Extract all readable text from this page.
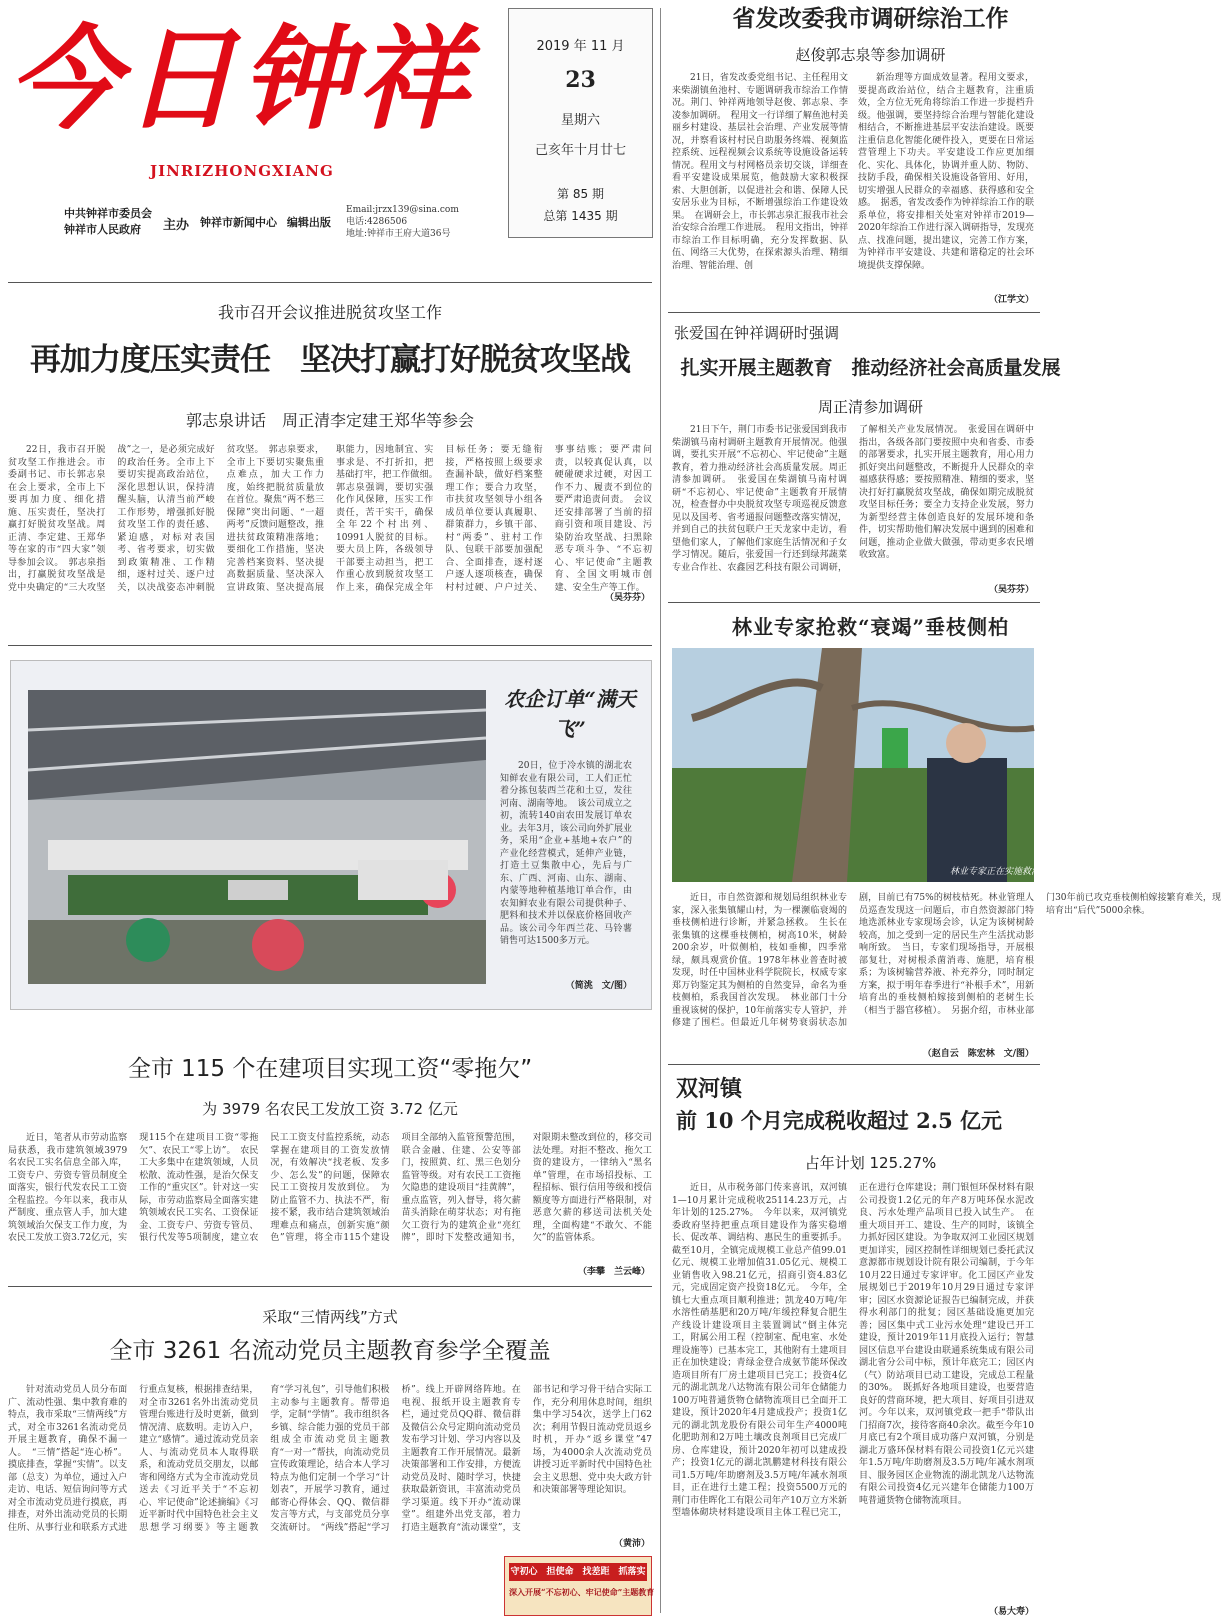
今日钟祥
JINRIZHONGXIANG
中共钟祥市委员会
钟祥市人民政府	主办 钟祥市新闻中心 编辑出版
Email:jrzx139@sina.com
电话:4286506
地址:钟祥市王府大道36号
2019 年 11 月
23
星期六
己亥年十月廿七
第 85 期
总第 1435 期
省发改委我市调研综治工作
赵俊郭志泉等参加调研
21日，省发改委党组书记、主任程用文来柴湖镇鱼池村、专题调研我市综治工作情况。荆门、钟祥两地领导赵俊、郭志泉、李凌参加调研。　程用文一行详细了解鱼池村美丽乡村建设、基层社会治理、产业发展等情况，并察看该村村民自助服务终端、视频监控系统、远程视频会议系统等设施设备运转情况。程用文与村网格员亲切交谈，详细查看平安建设成果展览，他鼓励大家积极探索、大胆创新，以促进社会和谐、保障人民安居乐业为目标，不断增强综治工作建设效果。　在调研会上，市长郭志泉汇报我市社会治安综合治理工作进展。　程用文指出，钟祥市综治工作目标明确，充分发挥数据、队伍、网络三大优势，在探索源头治理、精细治理、智能治理、创
新治理等方面成效显著。程用文要求，要提高政治站位，结合主题教育，注重质效，全方位无死角将综治工作进一步提档升级。他强调，要坚持综合治理与智能化建设相结合，不断推进基层平安法治建设。既要注重信息化智能化硬件投入，更要在日常运营管理上下功夫。平安建设工作应更加细化、实化、具体化，协调并重人防、物防、技防手段，确保相关设施设备管用、好用，切实增强人民群众的幸福感、获得感和安全感。　据悉，省发改委作为钟祥综治工作的联系单位，将安排相关处室对钟祥市2019—2020年综治工作进行深入调研指导，发现亮点、找准问题，提出建议，完善工作方案，为钟祥市平安建设、共建和谐稳定的社会环境提供支撑保障。
（江学文）
我市召开会议推进脱贫攻坚工作
再加力度压实责任　坚决打赢打好脱贫攻坚战
郭志泉讲话　周正清李定建王郑华等参会
22日，我市召开脱贫攻坚工作推进会。市委副书记、市长郭志泉在会上要求，全市上下要再加力度、细化措施、压实责任，坚决打赢打好脱贫攻坚战。周正清、李定建、王郑华等在家的市“四大家”领导参加会议。　郭志泉指出，打赢脱贫攻坚战是党中央确定的“三大攻坚战”之一，是必须完成好的政治任务。全市上下要切实提高政治站位，深化思想认识，保持清醒头脑，认清当前严峻工作形势，增强抓好脱贫攻坚工作的责任感、紧迫感，对标对表国考、省考要求，切实做到政策精准、工作精细，逐村过关、逐户过关，以决战姿态冲刺脱贫攻坚。　郭志泉要求，全市上下要切实聚焦重点难点，加大工作力度，始终把脱贫质量放在首位。聚焦“两不愁三保障”突出问题、“一超两考”反馈问题整改，推进扶贫政策精准落地；要细化工作措施，坚决完善档案资料、坚决提高数据质量、坚决深入宣讲政策、坚决提高展职能力，因地制宜、实事求是、不打折扣，把基础打牢，把工作做细。　郭志泉强调，要切实强化作风保障，压实工作责任，苦干实干，确保全年22个村出列、10991人脱贫的目标。要大员上阵，各级领导干部要主动担当，把工作重心放到脱贫攻坚工作上来，确保完成全年目标任务；要无缝衔接，严格按照上级要求查漏补缺，做好档案整理工作；要合力攻坚，市扶贫攻坚领导小组各成员单位要认真履职、群策群力，乡镇干部、村“两委”、驻村工作队、包联干部要加强配合、全面排查，逐村逐户逐人逐项核查，确保村村过硬、户户过关、事事结账；要严肃问责，以较真促认真，以硬碰硬求过硬，对因工作不力、履责不到位的要严肃追责问责。　会议还安排部署了当前的招商引资和项目建设、污染防治攻坚战、扫黑除恶专项斗争、“不忘初心、牢记使命”主题教育、全国文明城市创建、安全生产等工作。
（吴芬芬）
张爱国在钟祥调研时强调
扎实开展主题教育　推动经济社会高质量发展
周正清参加调研
21日下午，荆门市委书记张爱国到我市柴湖镇马南村调研主题教育开展情况。他强调，要扎实开展“不忘初心、牢记使命”主题教育，着力推动经济社会高质量发展。周正清参加调研。　张爱国在柴湖镇马南村调研“不忘初心、牢记使命”主题教育开展情况，检查督办中央脱贫攻坚专项巡视反馈意见以及国考、省考通报问题整改落实情况，并到自己的扶贫包联户王天龙家中走访，看望他们家人，了解他们家庭生活情况和子女学习情况。随后，张爱国一行还到绿邦蔬菜专业合作社、农鑫园艺科技有限公司调研，了解相关产业发展情况。　张爱国在调研中指出，各级各部门要按照中央和省委、市委的部署要求，扎实开展主题教育，用心用力抓好突出问题整改，不断提升人民群众的幸福感获得感；要按照精准、精细的要求，坚决打好打赢脱贫攻坚战，确保如期完成脱贫攻坚目标任务；要全力支持企业发展，努力为新型经营主体创造良好的发展环境和条件，切实帮助他们解决发展中遇到的困难和问题，推动企业做大做强，带动更多农民增收致富。
（吴芬芬）
农企订单“满天飞”
20日，位于冷水镇的湖北农知鲜农业有限公司，工人们正忙着分拣包装西兰花和土豆，发往河南、湖南等地。　该公司成立之初，流转140亩农田发展订单农业。去年3月，该公司向外扩展业务，采用“企业+基地+农户”的产业化经营模式，延伸产业链，打造土豆集散中心，先后与广东、广西、河南、山东、湖南、内蒙等地种植基地订单合作，由农知鲜农业有限公司提供种子、肥料和技术并以保底价格回收产品。该公司今年西兰花、马铃薯销售可达1500多万元。
（简洮　文/图）
林业专家抢救“衰竭”垂枝侧柏
林业专家正在实施救治。
近日，市自然资源和规划局组织林业专家，深入张集镇耀山村，为一棵濒临衰竭的垂枝侧柏进行诊断，并紧急拯救。　生长在张集镇的这棵垂枝侧柏，树高10米，树龄200余岁，叶似侧柏，枝如垂柳，四季常绿，颇具观赏价值。1978年林业普查时被发现，时任中国林业科学院院长，权威专家郑万钧鉴定其为侧柏的自然变异，命名为垂枝侧柏，系我国首次发现。　林业部门十分重视该树的保护，10年前落实专人管护，并修建了围栏。但最近几年树势衰弱状态加剧，目前已有75%的树枝枯死。林业管理人员巡查发现这一问题后，市自然资源部门特地选派林业专家现场会诊，认定为该树树龄较高，加之受到一定的居民生产生活扰动影响所致。　当日，专家们现场指导，开展根部复壮，对树根杀菌消毒、施肥，培育根系；为该树输营养液、补充养分，同时制定方案，拟于明年春季进行“补根手术”，用新培育出的垂枝侧柏嫁接到侧柏的老树生长（相当于器官移植）。　另据介绍，市林业部门30年前已攻克垂枝侧柏嫁接繁育难关，现培育出“后代”5000余株。
（赵自云　陈宏林　文/图）
全市 115 个在建项目实现工资“零拖欠”
为 3979 名农民工发放工资 3.72 亿元
近日，笔者从市劳动监察局获悉，我市建筑领域3979名农民工实名信息全部入库，工资专户、劳资专管员制度全面落实，银行代发农民工工资全程监控。今年以来，我市从严制度、重点管人手，加大建筑领域治欠保支工作力度，为农民工发放工资3.72亿元，实现115个在建项目工资“零拖欠”、农民工“零上访”。　农民工大多集中在建筑领域，人员松散、流动性强，是治欠保支工作的“重灾区”。针对这一实际，市劳动监察局全面落实建筑领域农民工实名、工资保证金、工资专户、劳资专管员、银行代发等5项制度，建立农民工工资支付监控系统，动态掌握在建项目的工资发放情况，有效解决“找老板、发多少、怎么发”的问题，保障农民工工资按月发放到位。　为防止监管不力、执法不严，衔接不紧，我市结合建筑领域治理难点和痛点，创新实施“颜色”管理，将全市115个建设项目全部纳入监管预警范围，联合金融、住建、公安等部门，按照黄、红、黑三色划分监管等级。对有农民工工资拖欠隐患的建设项目“挂黄牌”，重点监管，列入督导，将欠薪苗头消除在萌芽状态；对有拖欠工资行为的建筑企业“亮红牌”，即时下发整改通知书，对限期未整改到位的，移交司法处理。对拒不整改、拖欠工资的建设方，一律纳入“黑名单”管理，在市场招投标、工程招标、银行信用等级和授信额度等方面进行严格限制，对恶意欠薪的移送司法机关处理，全面构建“不敢欠、不能欠”的监管体系。
（李攀　兰云峰）
双河镇
前 10 个月完成税收超过 2.5 亿元
占年计划 125.27%
近日，从市税务部门传来喜讯，双河镇1—10月累计完成税收25114.23万元，占年计划的125.27%。　今年以来，双河镇党委政府坚持把重点项目建设作为落实稳增长、促改革、调结构、惠民生的重要抓手。截至10月，全镇完成规模工业总产值99.01亿元、规模工业增加值31.05亿元、规模工业销售收入98.21亿元，招商引资4.83亿元，完成固定资产投资18亿元。　今年，全镇七大重点项目顺利推进；凯龙40万吨/年水溶性硝基肥和20万吨/年缓控释复合肥生产线设计建设项目主装置调试“倒主体完工，附属公用工程（控制室、配电室、水处理设施等）已基本完工，其他附有土建项目正在加快建设；青绿金登合成氨节能环保改造项目所有厂房土建项目已完工；投资4亿元的湖北凯龙八达物流有限公司年仓储能力100万吨普通货物仓储物流项目已全面开工建设，预计2020年4月建成投产；投资1亿元的湖北凯龙股份有限公司年生产4000吨化肥助剂和2万吨土壤改良剂项目已完成厂房、仓库建设，预计2020年初可以建成投产；投资1亿元的湖北凯鹏建材科技有限公司1.5万吨/年助磨剂及3.5万吨/年减水剂项目，正在进行土建工程；投资5500万元的荆门市佳晖化工有限公司年产10万立方米新型墙体砌块材料建设项目主体工程已完工，正在进行仓库建设；荆门银恒环保材料有限公司投资1.2亿元的年产8万吨环保水泥改良、污水处理产品项目已投入试生产。　在重大项目开工、建设、生产的同时，该镇全力抓好园区建设。为争取双河工业园区规划更加详实，园区控制性详细规划已委托武汉意源都市规划设计院有限公司编制，于今年10月22日通过专家评审。化工园区产业发展规划已于2019年10月29日通过专家评审；园区水资源论证报告已编制完成，并获得水利部门的批复；园区基础设施更加完善；园区集中式工业污水处理“建设已开工建设，预计2019年11月底投入运行；智慧园区信息平台建设由联通系统集成有限公司湖北省分公司中标，预计年底完工；园区内（气）防站项目已动工建设，完成总工程量的30%。　既抓好各地项目建设，也要营造良好的营商环境，把大项目、好项目引进双河。今年以来，双河镇党政一把手“带队出门招商7次，接待客商40余次。截至今年10月底已有2个项目成功落户双河镇，分别是湖北万盛环保材料有限公司投资1亿元兴建年1.5万吨/年助磨剂及3.5万吨/年减水剂项目、服务园区企业物流的湖北凯龙八达物流有限公司投资4亿元兴建年仓储能力100万吨普通货物仓储物流项目。
（易大寿）
采取“三情两线”方式
全市 3261 名流动党员主题教育参学全覆盖
针对流动党员人员分布面广、流动性强、集中教育难的特点，我市采取“三情两线”方式，对全市3261名流动党员开展主题教育，确保不漏一人。　“三情”搭起“连心桥”。摸底排查，掌握“实情”。以支部（总支）为单位，通过入户走访、电话、短信询问等方式对全市流动党员进行摸底，再排查，对外出流动党员的长期住所、从事行业和联系方式进行重点复核，根据排查结果，对全市3261名外出流动党员管理台账进行及时更新，做到情况清、底数明。走访入户，建立“感情”。通过流动党员亲人、与流动党员本人取得联系，和流动党员交朋友，以邮寄和网络方式为全市流动党员送去《习近平关于“不忘初心、牢记使命”论述摘编》《习近平新时代中国特色社会主义思想学习纲要》等主题教育“学习礼包”，引导他们积极主动参与主题教育。帮带追学，定制“学情”。我市组织各乡镇、综合能力强的党员干部组成全市流动党员主题教育“一对一”帮扶，向流动党员宣传政策理论，结合本人学习特点为他们定制一个学习“计划表”，开展学习教育，通过邮寄心得体会、QQ、微信群发言等方式，与支部党员分享交流研讨。　“两线”搭起“学习桥”。线上开辟网络阵地。在电视、报纸开设主题教育专栏，通过党员QQ群、微信群及微信公众号定期向流动党员发布学习计划、学习内容以及主题教育工作开展情况。最新决策部署和工作安排，方便流动党员及时、随时学习，快捷获取最新资讯，丰富流动党员学习渠道。线下开办“流动课堂”。组建外出党支部，着力打造主题教育“流动课堂”，支部书记和学习骨干结合实际工作，充分利用休息时间，组织集中学习54次，送学上门62次；利用节假日流动党员返乡时机，开办“返乡课堂”47场，为4000余人次流动党员讲授习近平新时代中国特色社会主义思想、党中央大政方针和决策部署等理论知识。
（黄沛）
守初心　担使命　找差距　抓落实
深入开展“不忘初心、牢记使命”主题教育
